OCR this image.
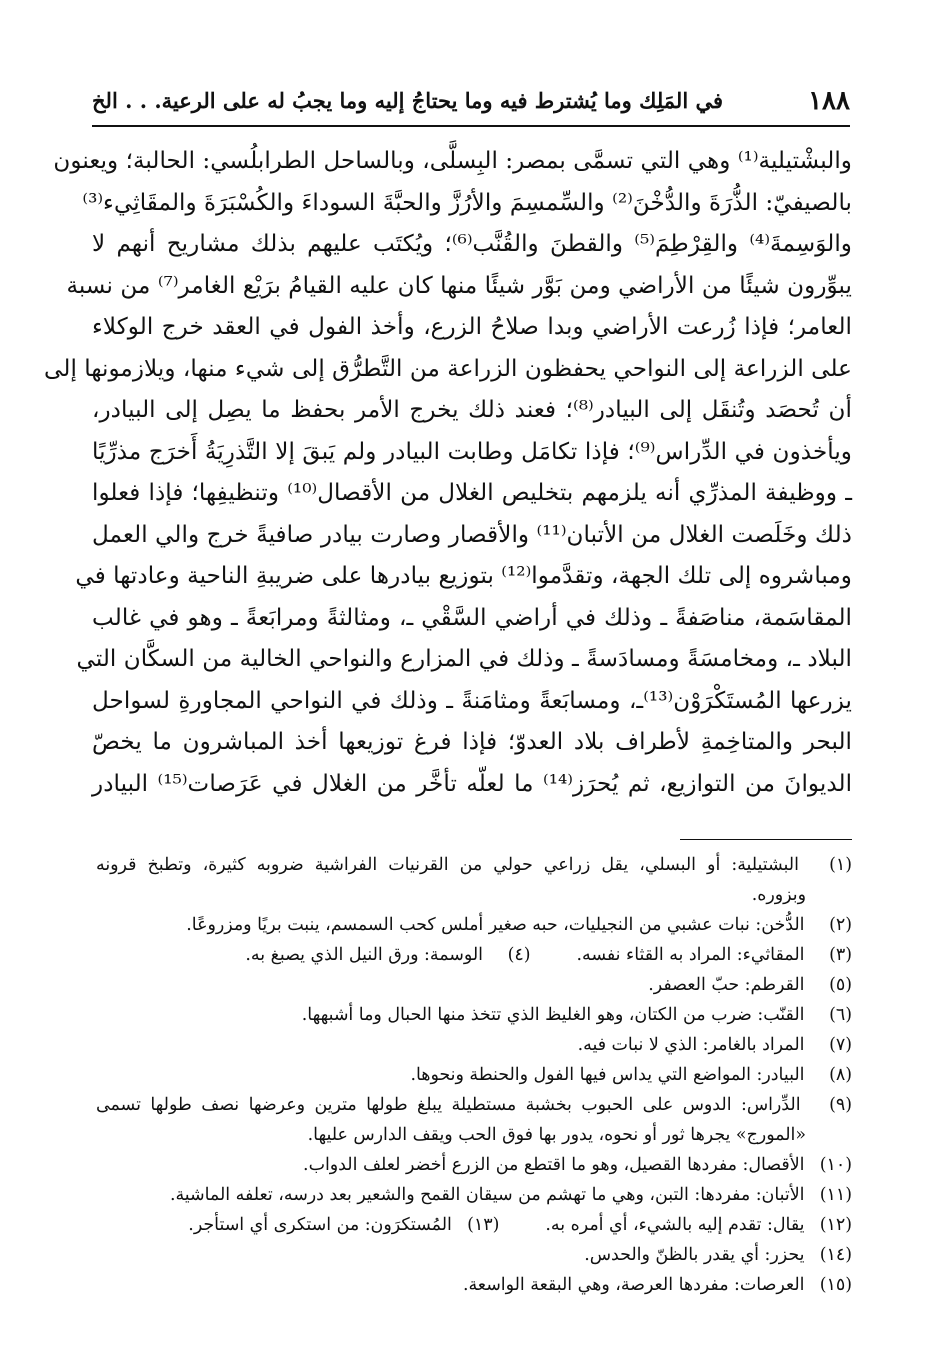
١٨٨
في المَلِك وما يُشترط فيه وما يحتاجُ إليه وما يجبُ له على الرعية. . . الخ
والبشْتيلية⁽¹⁾ وهي التي تسمَّى بمصر: البِسلَّى، وبالساحل الطرابلُسي: الحالبة؛ ويعنون
بالصيفيّ: الذُّرَةَ والدُّخْنَ⁽²⁾ والسِّمسِمَ والأرُزَّ والحبَّةَ السوداءَ والكُسْبَرَةَ والمقَاثِيء⁽³⁾
والوَسِمةَ⁽⁴⁾ والقِرْطِمَ⁽⁵⁾ والقطنَ والقُنَّب⁽⁶⁾؛ ويُكتَب عليهم بذلك مشاريح أنهم لا
يبوِّرون شيئًا من الأراضي ومن بَوَّر شيئًا منها كان عليه القيامُ برَيْع الغامر⁽⁷⁾ من نسبة
العامر؛ فإذا زُرعت الأراضي وبدا صلاحُ الزرع، وأخذ الفول في العقد خرج الوكلاء
على الزراعة إلى النواحي يحفظون الزراعة من التَّطرُّق إلى شيء منها، ويلازمونها إلى
أن تُحصَد وتُنقَل إلى البيادر⁽⁸⁾؛ فعند ذلك يخرج الأمر بحفظ ما يصِل إلى البيادر،
ويأخذون في الدِّراس⁽⁹⁾؛ فإذا تكامَل وطابت البيادر ولم يَبقَ إلا التَّذرِيَةُ أَخرَج مذرِّيًا
ـ ووظيفة المذرِّي أنه يلزمهم بتخليص الغلال من الأقصال⁽¹⁰⁾ وتنظيفِها؛ فإذا فعلوا
ذلك وخَلَصت الغلال من الأتبان⁽¹¹⁾ والأقصار وصارت بيادر صافيةً خرج والي العمل
ومباشروه إلى تلك الجهة، وتقدَّموا⁽¹²⁾ بتوزيع بيادرها على ضريبةِ الناحية وعادتها في
المقاسَمة، مناصَفةً ـ وذلك في أراضي السَّقْي ـ، ومثالثةً ومرابَعةً ـ وهو في غالب
البلاد ـ، ومخامسَةً ومسادَسةً ـ وذلك في المزارع والنواحي الخالية من السكَّان التي
يزرعها المُستَكْرَوْن⁽¹³⁾ـ، ومسابَعةً ومثامَنةً ـ وذلك في النواحي المجاورةِ لسواحل
البحر والمتاخِمةِ لأطراف بلاد العدوّ؛ فإذا فرغ توزيعها أخذ المباشرون ما يخصّ
الديوانَ من التوازيع، ثم يُحرَز⁽¹⁴⁾ ما لعلّه تأخَّر من الغلال في عَرَصات⁽¹⁵⁾ البيادر
(١) البشتيلية: أو البسلي، يقل زراعي حولي من القرنيات الفراشية ضروبه كثيرة، وتطبخ قرونه
وبزوره.
(٢) الدُّخن: نبات عشبي من النجيليات، حبه صغير أملس كحب السمسم، ينبت بريًا ومزروعًا.
(٣) المقاثيء: المراد به القثاء نفسه.
(٤) الوسمة: ورق النيل الذي يصبغ به.
(٥) القرطم: حبّ العصفر.
(٦) القنّب: ضرب من الكتان، وهو الغليظ الذي تتخذ منها الحبال وما أشبهها.
(٧) المراد بالغامر: الذي لا نبات فيه.
(٨) البيادر: المواضع التي يداس فيها الفول والحنطة ونحوها.
(٩) الدِّراس: الدوس على الحبوب بخشبة مستطيلة يبلغ طولها مترين وعرضها نصف طولها تسمى
«المورج» يجرها ثور أو نحوه، يدور بها فوق الحب ويقف الدارس عليها.
(١٠) الأقصال: مفردها القصيل، وهو ما اقتطع من الزرع أخضر لعلف الدواب.
(١١) الأتبان: مفردها: التبن، وهي ما تهشم من سيقان القمح والشعير بعد درسه، تعلفه الماشية.
(١٢) يقال: تقدم إليه بالشيء، أي أمره به.
(١٣) المُستكرَون: من استكرى أي استأجر.
(١٤) يحزر: أي يقدر بالظنّ والحدس.
(١٥) العرصات: مفردها العرصة، وهي البقعة الواسعة.
